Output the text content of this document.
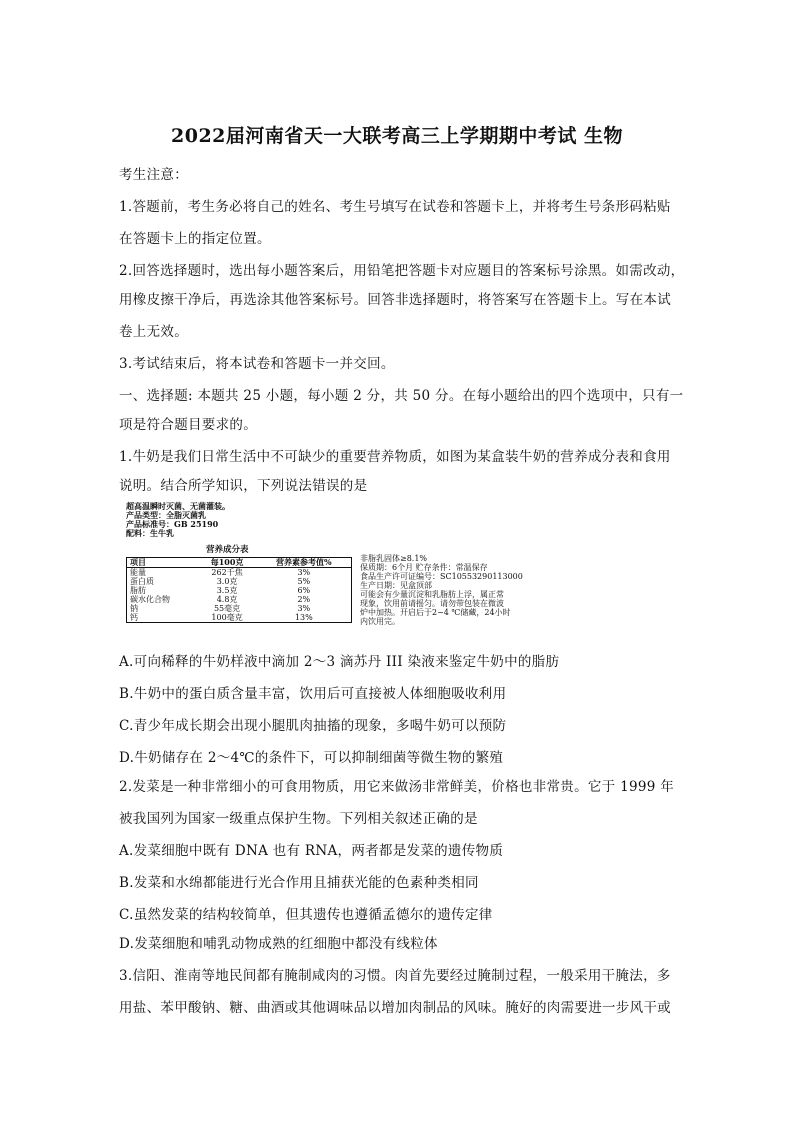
2022届河南省天一大联考高三上学期期中考试 生物
考生注意：
1.答题前，考生务必将自己的姓名、考生号填写在试卷和答题卡上，并将考生号条形码粘贴
在答题卡上的指定位置。
2.回答选择题时，选出每小题答案后，用铅笔把答题卡对应题目的答案标号涂黑。如需改动，
用橡皮擦干净后，再选涂其他答案标号。回答非选择题时，将答案写在答题卡上。写在本试
卷上无效。
3.考试结束后，将本试卷和答题卡一并交回。
一、选择题: 本题共 25 小题，每小题 2 分，共 50 分。在每小题给出的四个选项中，只有一
项是符合题目要求的。
1.牛奶是我们日常生活中不可缺少的重要营养物质，如图为某盒装牛奶的营养成分表和食用
说明。结合所学知识，下列说法错误的是
超高温瞬时灭菌、无菌灌装。
产品类型：全脂灭菌乳
产品标准号：GB 25190
配料：生牛乳
营养成分表
项目	每100克	营养素参考值%
能量	262千焦	3%
蛋白质	3.0克	5%
脂肪	3.5克	6%
碳水化合物	4.8克	2%
钠	55毫克	3%
钙	100毫克	13%
非脂乳固体≥8.1%
保质期：6个月 贮存条件：常温保存
食品生产许可证编号：SC10553290113000
生产日期：见盒顶部
可能会有少量沉淀和乳脂肪上浮，属正常
现象，饮用前请摇匀。请勿带包装在微波
炉中加热。开启后于2~4 ℃储藏，24小时
内饮用完。
A.可向稀释的牛奶样液中滴加 2～3 滴苏丹 III 染液来鉴定牛奶中的脂肪
B.牛奶中的蛋白质含量丰富，饮用后可直接被人体细胞吸收利用
C.青少年成长期会出现小腿肌肉抽搐的现象，多喝牛奶可以预防
D.牛奶储存在 2～4℃的条件下，可以抑制细菌等微生物的繁殖
2.发菜是一种非常细小的可食用物质，用它来做汤非常鲜美，价格也非常贵。它于 1999 年
被我国列为国家一级重点保护生物。下列相关叙述正确的是
A.发菜细胞中既有 DNA 也有 RNA，两者都是发菜的遗传物质
B.发菜和水绵都能进行光合作用且捕获光能的色素种类相同
C.虽然发菜的结构较简单，但其遗传也遵循孟德尔的遗传定律
D.发菜细胞和哺乳动物成熟的红细胞中都没有线粒体
3.信阳、淮南等地民间都有腌制咸肉的习惯。肉首先要经过腌制过程，一般采用干腌法，多
用盐、苯甲酸钠、糖、曲酒或其他调味品以增加肉制品的风味。腌好的肉需要进一步风干或
